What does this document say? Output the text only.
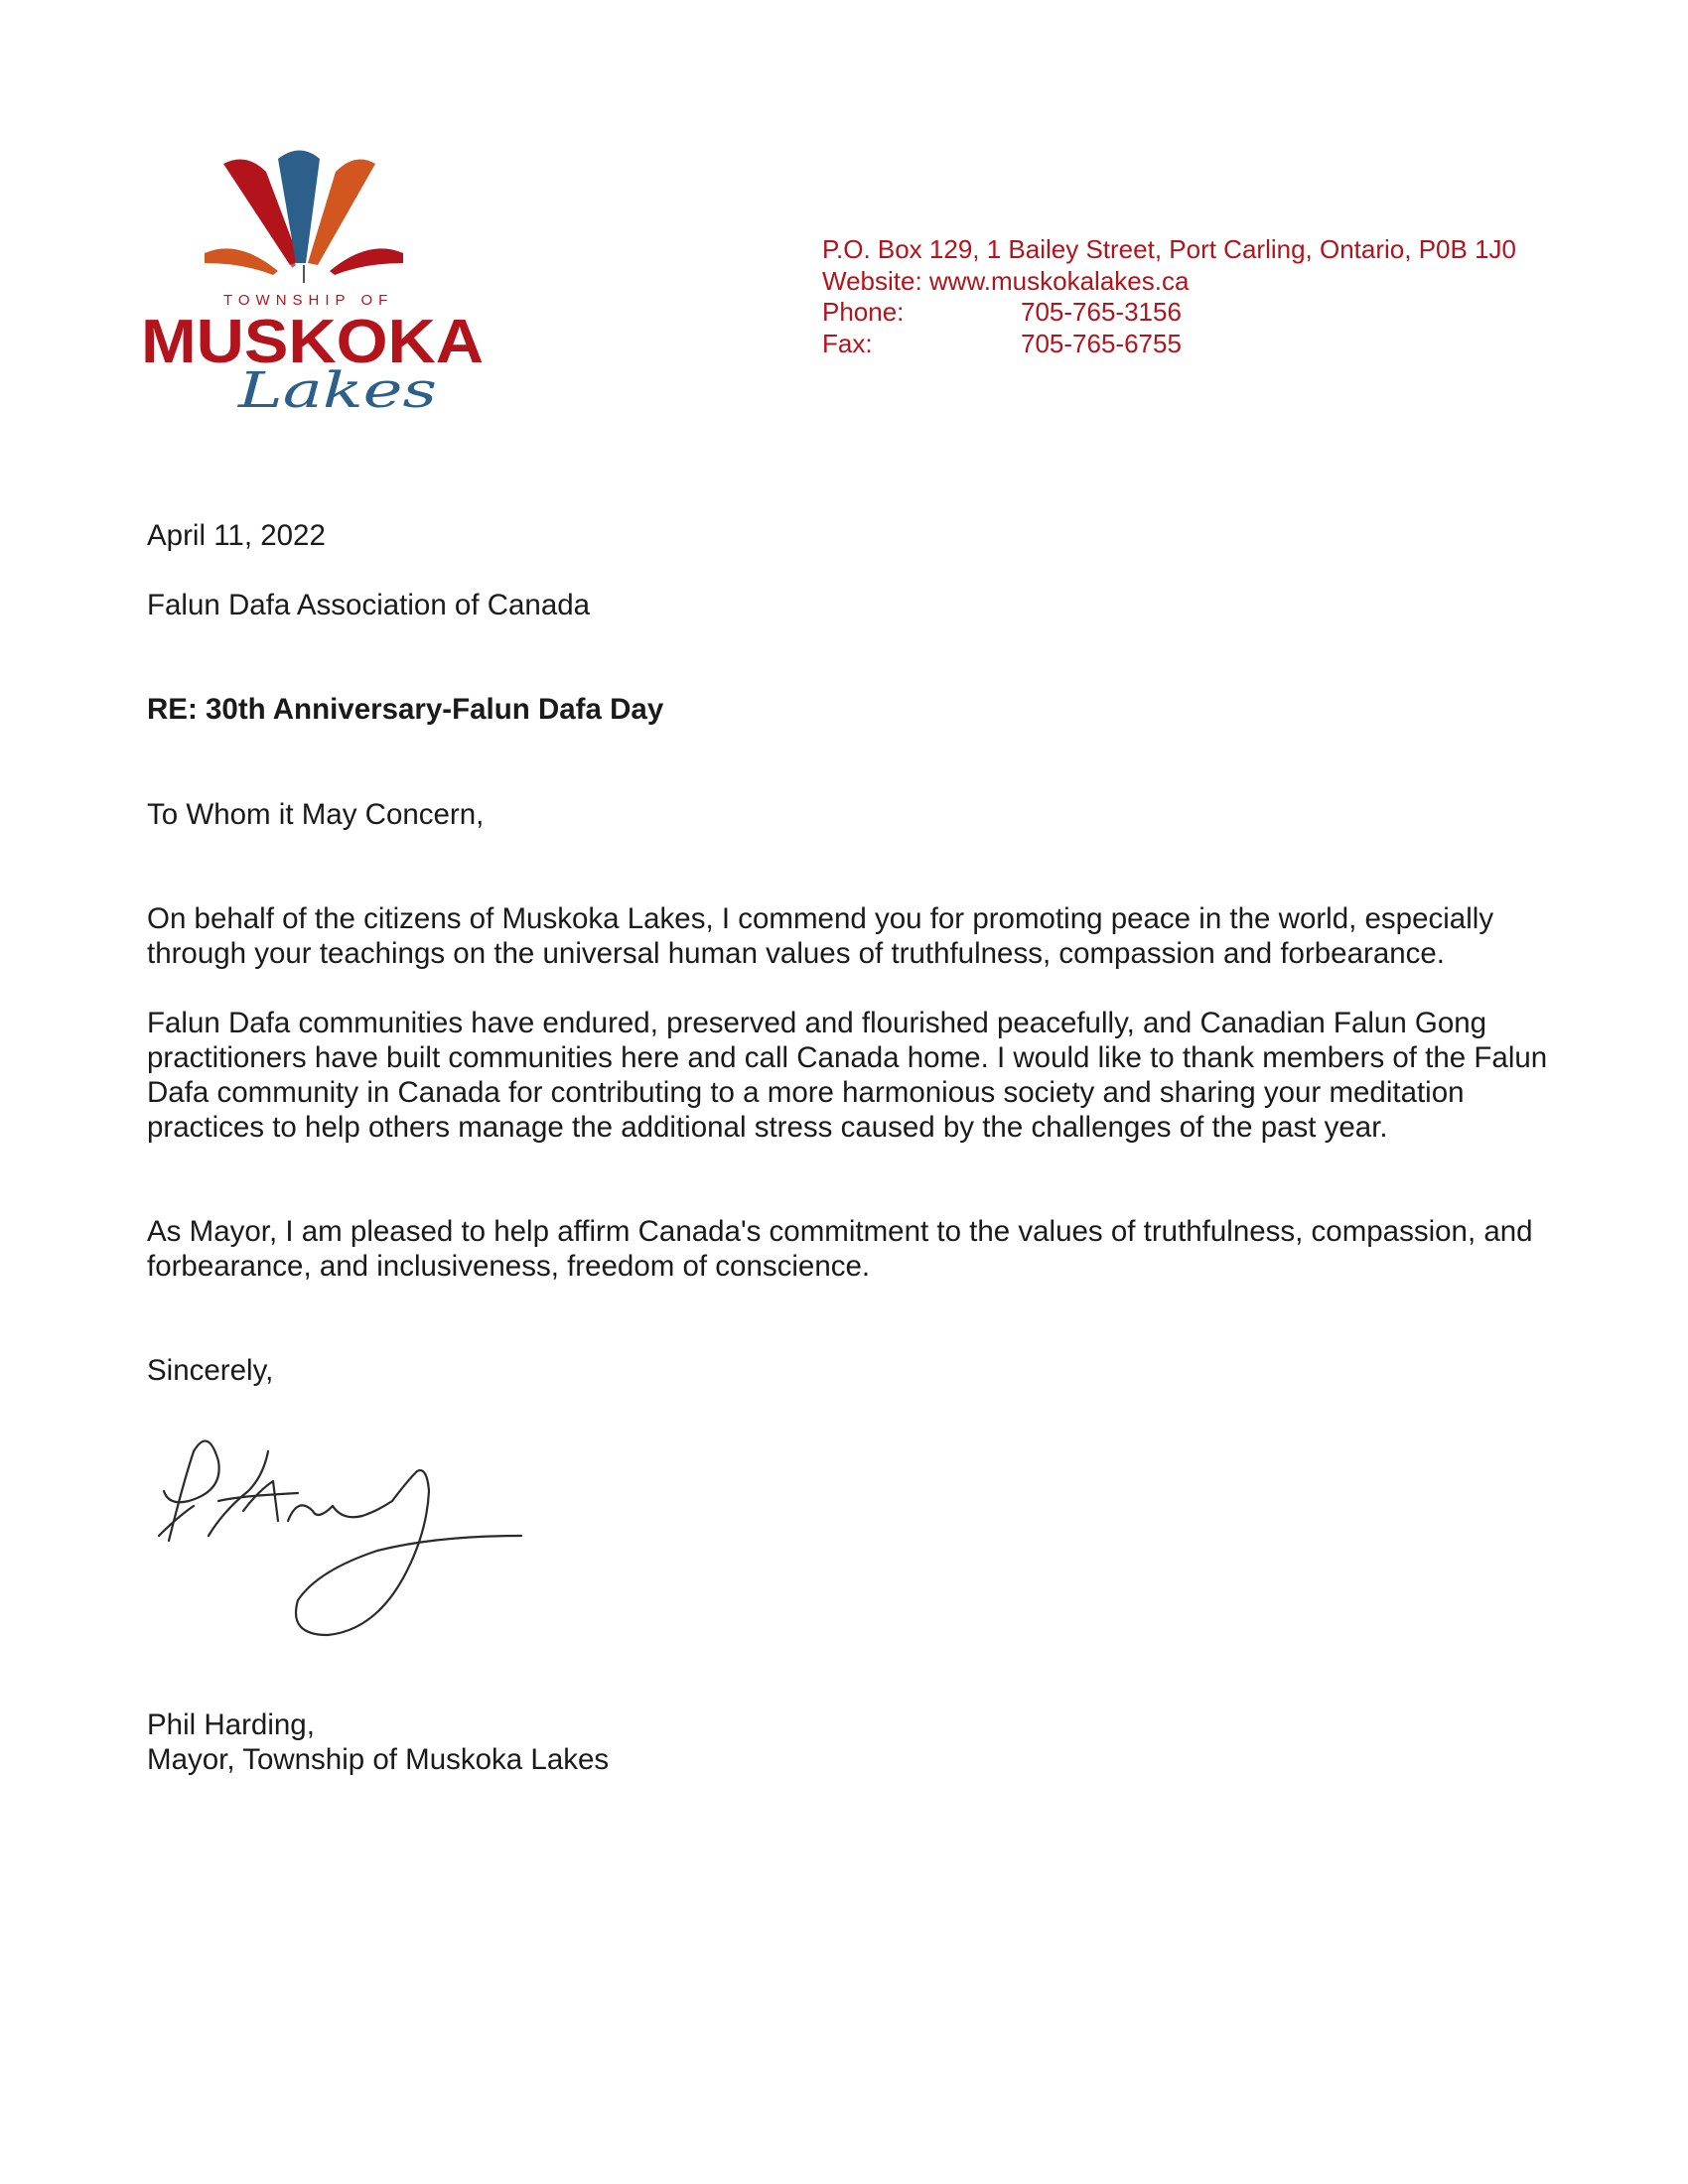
TOWNSHIP OF
MUSKOKA
Lakes
P.O. Box 129, 1 Bailey Street, Port Carling, Ontario, P0B 1J0
Website: www.muskokalakes.ca
Phone:	705-765-3156
Fax:	705-765-6755
April 11, 2022
Falun Dafa Association of Canada
RE: 30th Anniversary-Falun Dafa Day
To Whom it May Concern,

On behalf of the citizens of Muskoka Lakes, I commend you for promoting peace in the world, especially through your teachings on the universal human values of truthfulness, compassion and forbearance.

Falun Dafa communities have endured, preserved and flourished peacefully, and Canadian Falun Gong practitioners have built communities here and call Canada home. I would like to thank members of the Falun Dafa community in Canada for contributing to a more harmonious society and sharing your meditation practices to help others manage the additional stress caused by the challenges of the past year.

As Mayor, I am pleased to help affirm Canada's commitment to the values of truthfulness, compassion, and forbearance, and inclusiveness, freedom of conscience.

Sincerely,
Phil Harding,
Mayor, Township of Muskoka Lakes
